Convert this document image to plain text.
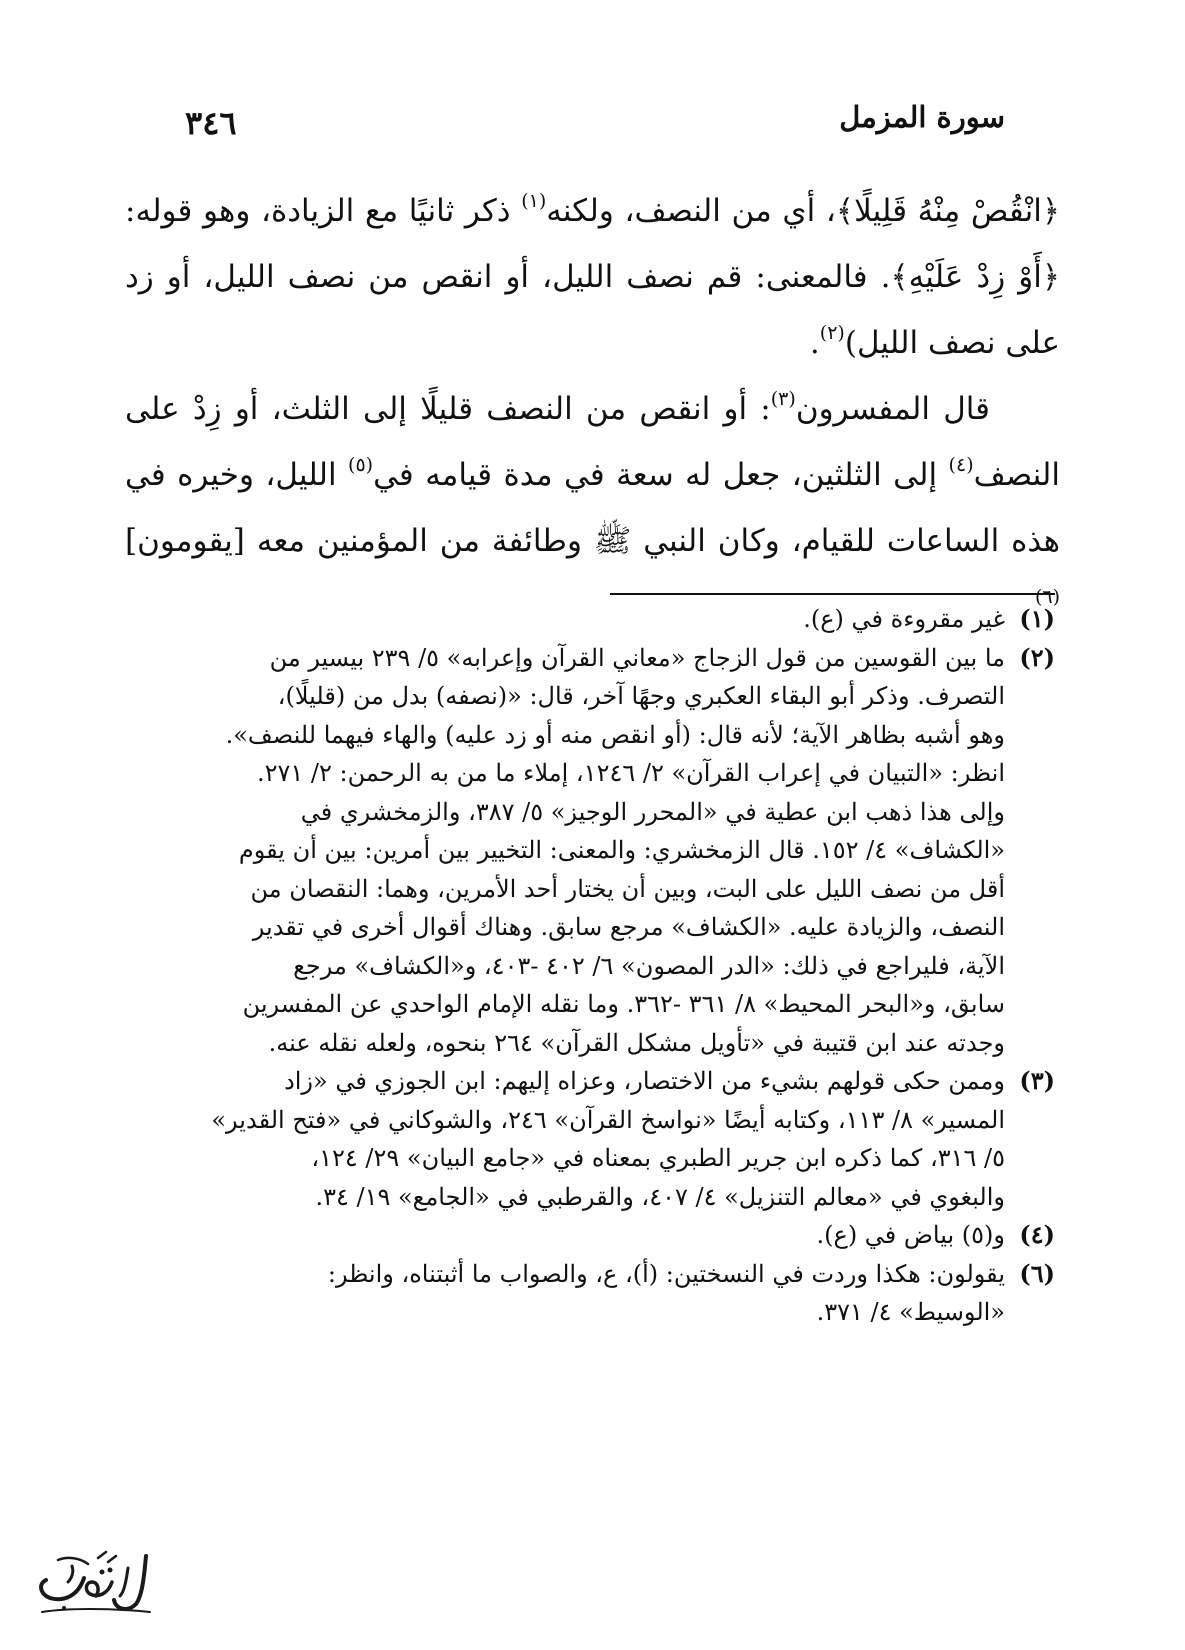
سورة المزمل
٣٤٦

﴿انْقُصْ مِنْهُ قَلِيلًا﴾، أي من النصف، ولكنه$^{(١)}$ ذكر ثانيًا مع الزيادة، وهو قوله: ﴿أَوْ زِدْ عَلَيْهِ﴾. فالمعنى: قم نصف الليل، أو انقص من نصف الليل، أو زد على نصف الليل)$^{(٢)}$.

قال المفسرون$^{(٣)}$: أو انقص من النصف قليلًا إلى الثلث، أو زِدْ على النصف$^{(٤)}$ إلى الثلثين، جعل له سعة في مدة قيامه في$^{(٥)}$ الليل، وخيره في هذه الساعات للقيام، وكان النبي ﷺ وطائفة من المؤمنين معه [يقومون]$^{(٦)}$

(١)
غير مقروءة في (ع).
(٢)
ما بين القوسين من قول الزجاج «معاني القرآن وإعرابه» ٥/ ٢٣٩ بيسير من
التصرف. وذكر أبو البقاء العكبري وجهًا آخر، قال: «(نصفه) بدل من (قليلًا)،
وهو أشبه بظاهر الآية؛ لأنه قال: (أو انقص منه أو زد عليه) والهاء فيهما للنصف».
انظر: «التبيان في إعراب القرآن» ٢/ ١٢٤٦، إملاء ما من به الرحمن: ٢/ ٢٧١.
وإلى هذا ذهب ابن عطية في «المحرر الوجيز» ٥/ ٣٨٧، والزمخشري في
«الكشاف» ٤/ ١٥٢. قال الزمخشري: والمعنى: التخيير بين أمرين: بين أن يقوم
أقل من نصف الليل على البت، وبين أن يختار أحد الأمرين، وهما: النقصان من
النصف، والزيادة عليه. «الكشاف» مرجع سابق. وهناك أقوال أخرى في تقدير
الآية، فليراجع في ذلك: «الدر المصون» ٦/ ٤٠٢ -٤٠٣، و«الكشاف» مرجع
سابق، و«البحر المحيط» ٨/ ٣٦١ -٣٦٢. وما نقله الإمام الواحدي عن المفسرين
وجدته عند ابن قتيبة في «تأويل مشكل القرآن» ٢٦٤ بنحوه، ولعله نقله عنه.
(٣)
وممن حكى قولهم بشيء من الاختصار، وعزاه إليهم: ابن الجوزي في «زاد
المسير» ٨/ ١١٣، وكتابه أيضًا «نواسخ القرآن» ٢٤٦، والشوكاني في «فتح القدير»
٥/ ٣١٦، كما ذكره ابن جرير الطبري بمعناه في «جامع البيان» ٢٩/ ١٢٤،
والبغوي في «معالم التنزيل» ٤/ ٤٠٧، والقرطبي في «الجامع» ١٩/ ٣٤.
(٤)
و(٥) بياض في (ع).
(٦)
يقولون: هكذا وردت في النسختين: (أ)، ع، والصواب ما أثبتناه، وانظر:
«الوسيط» ٤/ ٣٧١.
